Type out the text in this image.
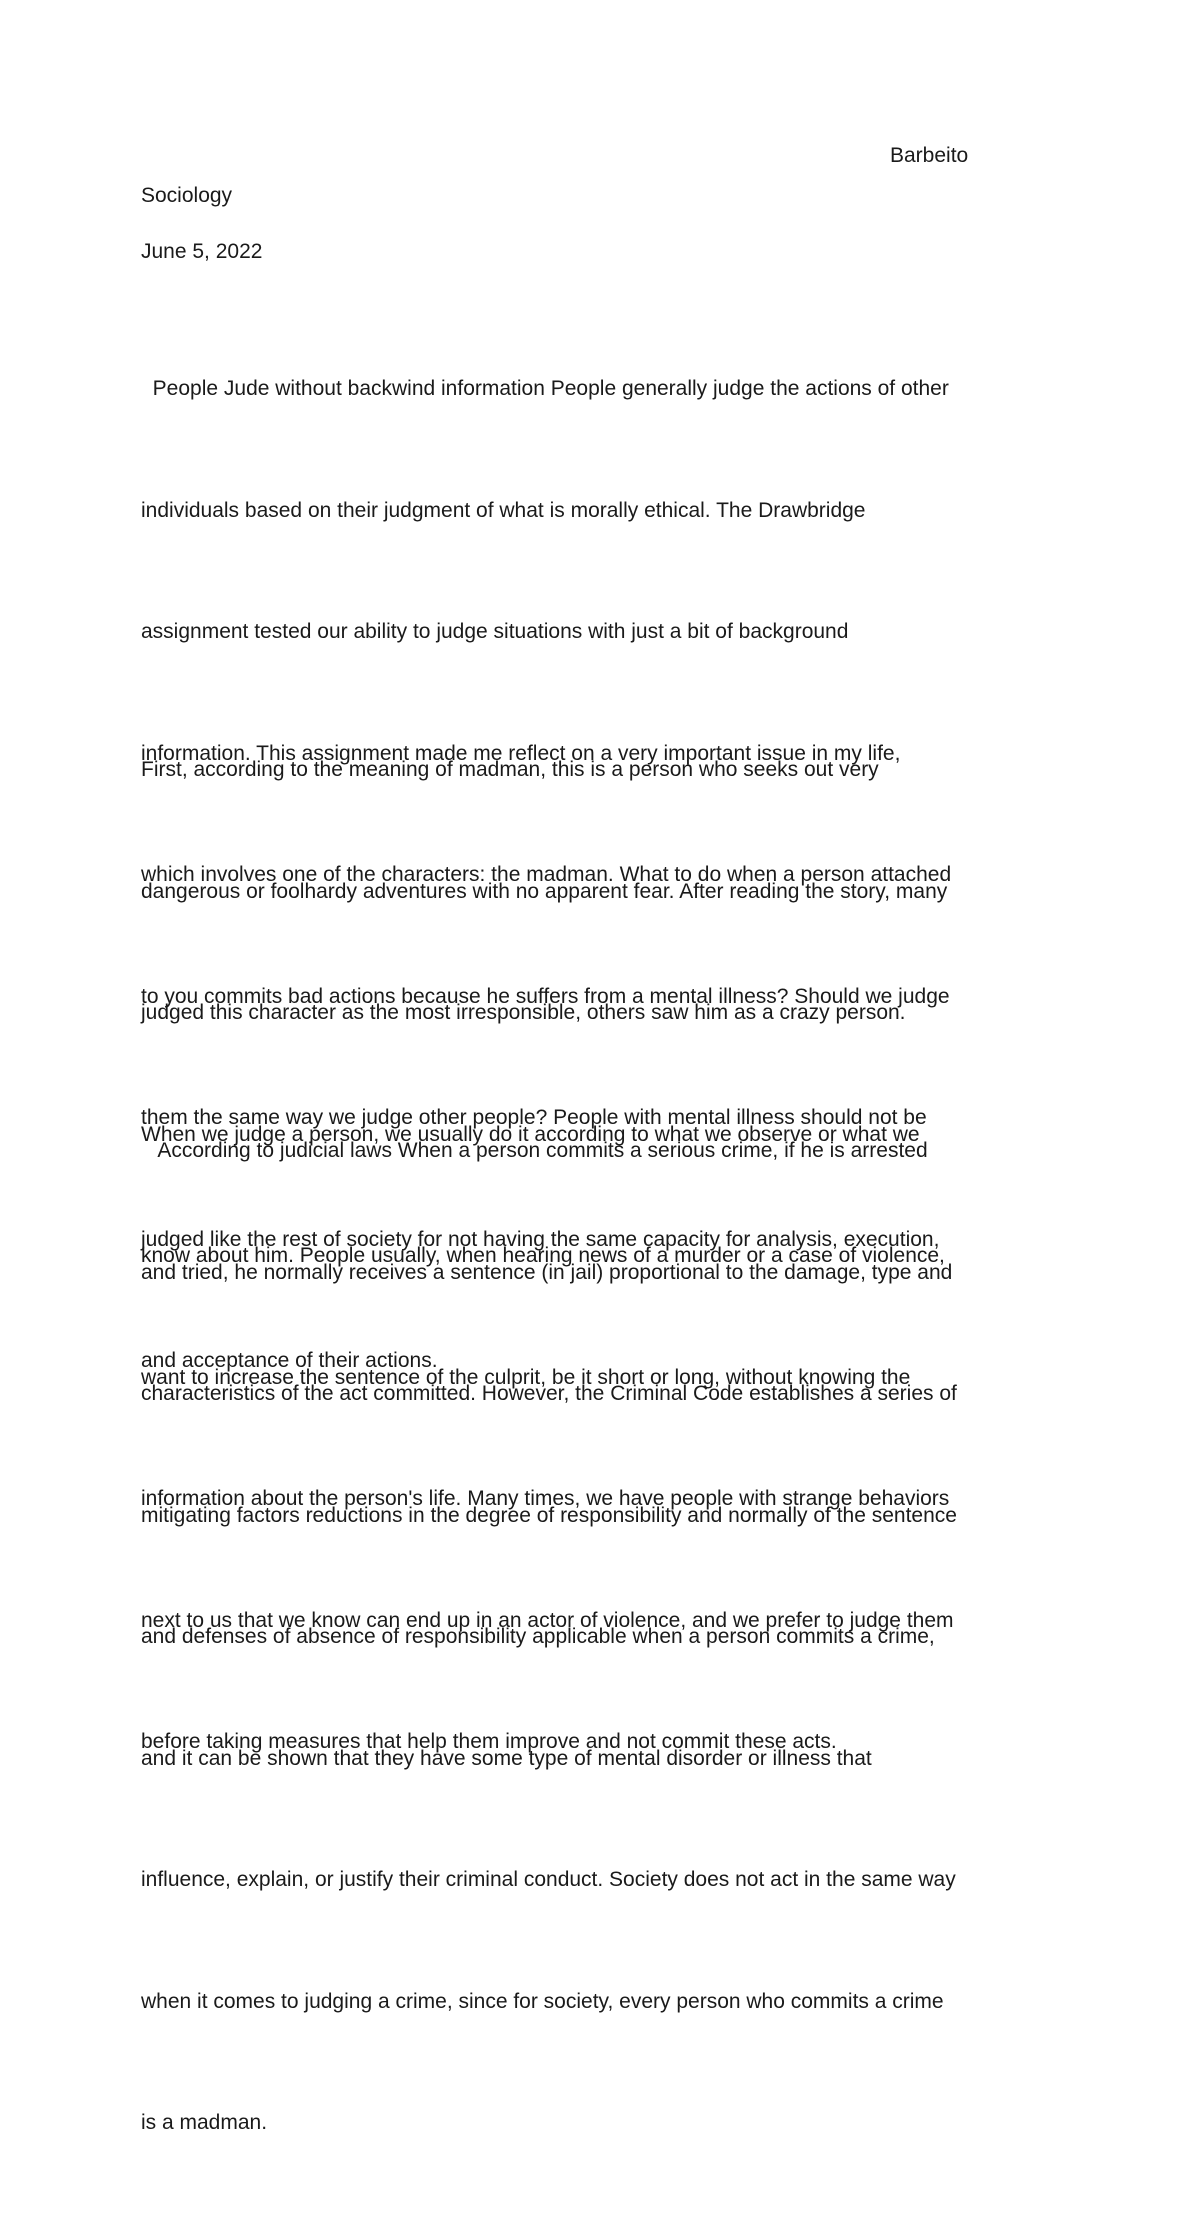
Barbeito
Sociology
June 5, 2022

People Jude without backwind information People generally judge the actions of other

individuals based on their judgment of what is morally ethical. The Drawbridge

assignment tested our ability to judge situations with just a bit of background

information. This assignment made me reflect on a very important issue in my life,

which involves one of the characters: the madman. What to do when a person attached

to you commits bad actions because he suffers from a mental illness? Should we judge

them the same way we judge other people? People with mental illness should not be

judged like the rest of society for not having the same capacity for analysis, execution,

and acceptance of their actions.

First, according to the meaning of madman, this is a person who seeks out very

dangerous or foolhardy adventures with no apparent fear. After reading the story, many

judged this character as the most irresponsible, others saw him as a crazy person.

When we judge a person, we usually do it according to what we observe or what we

know about him. People usually, when hearing news of a murder or a case of violence,

want to increase the sentence of the culprit, be it short or long, without knowing the

information about the person's life. Many times, we have people with strange behaviors

next to us that we know can end up in an actor of violence, and we prefer to judge them

before taking measures that help them improve and not commit these acts.

According to judicial laws When a person commits a serious crime, if he is arrested

and tried, he normally receives a sentence (in jail) proportional to the damage, type and

characteristics of the act committed. However, the Criminal Code establishes a series of

mitigating factors reductions in the degree of responsibility and normally of the sentence

and defenses of absence of responsibility applicable when a person commits a crime,

and it can be shown that they have some type of mental disorder or illness that

influence, explain, or justify their criminal conduct. Society does not act in the same way

when it comes to judging a crime, since for society, every person who commits a crime

is a madman.
